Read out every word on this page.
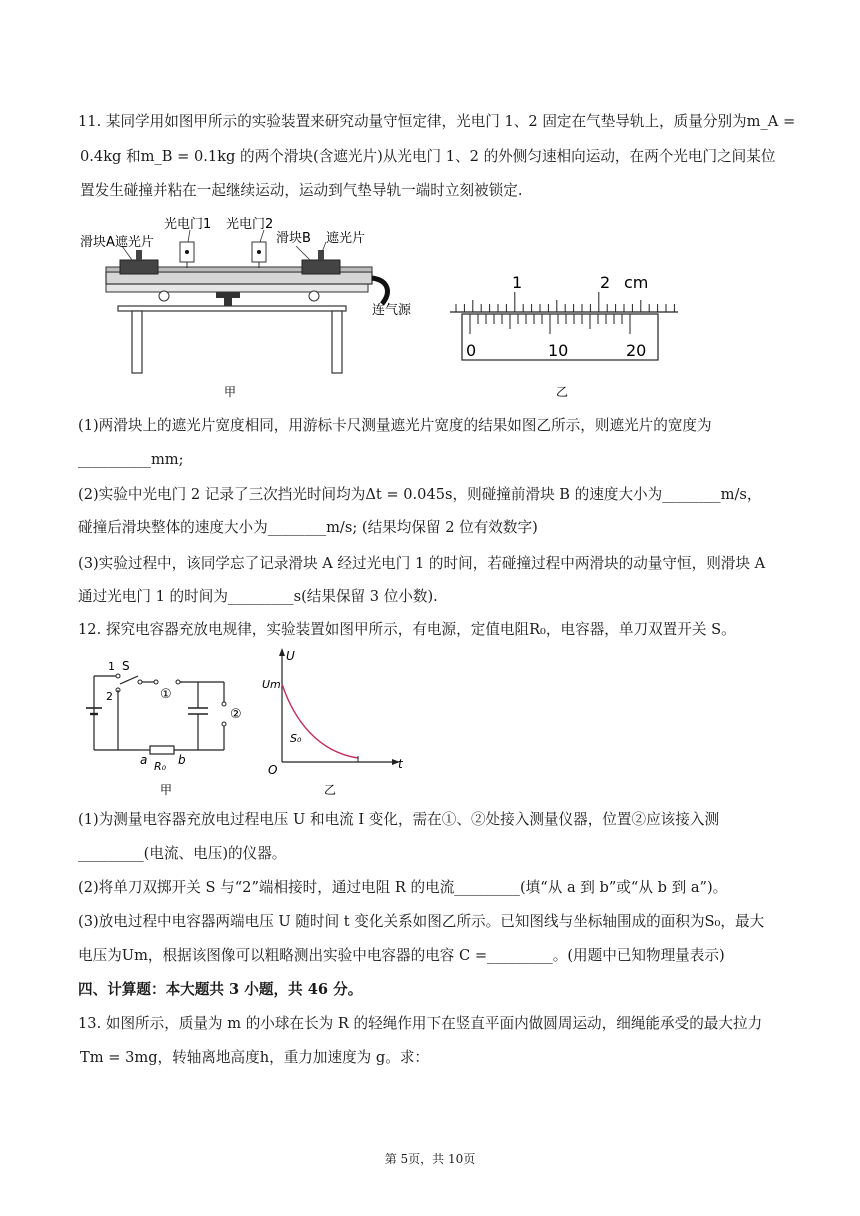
11. 某同学用如图甲所示的实验装置来研究动量守恒定律，光电门 1、2 固定在气垫导轨上，质量分别为m_A =
0.4kg 和m_B = 0.1kg 的两个滑块(含遮光片)从光电门 1、2 的外侧匀速相向运动，在两个光电门之间某位
置发生碰撞并粘在一起继续运动，运动到气垫导轨一端时立刻被锁定.
滑块A遮光片
光电门1 光电门2
滑块B 遮光片
连气源
甲
1	2 cm
0	10	20
乙
(1)两滑块上的遮光片宽度相同，用游标卡尺测量遮光片宽度的结果如图乙所示，则遮光片的宽度为
__________mm;
(2)实验中光电门 2 记录了三次挡光时间均为Δt = 0.045s，则碰撞前滑块 B 的速度大小为________m/s，
碰撞后滑块整体的速度大小为________m/s; (结果均保留 2 位有效数字)
(3)实验过程中，该同学忘了记录滑块 A 经过光电门 1 的时间，若碰撞过程中两滑块的动量守恒，则滑块 A
通过光电门 1 的时间为_________s(结果保留 3 位小数).
12. 探究电容器充放电规律，实验装置如图甲所示，有电源，定值电阻R₀，电容器，单刀双置开关 S。
1 S
2	①
②
a	b
R₀
甲
U
t
O
Um
S₀
乙
(1)为测量电容器充放电过程电压 U 和电流 I 变化，需在①、②处接入测量仪器，位置②应该接入测
_________(电流、电压)的仪器。
(2)将单刀双掷开关 S 与“2”端相接时，通过电阻 R 的电流_________(填“从 a 到 b”或“从 b 到 a”)。
(3)放电过程中电容器两端电压 U 随时间 t 变化关系如图乙所示。已知图线与坐标轴围成的面积为S₀，最大
电压为Um，根据该图像可以粗略测出实验中电容器的电容 C =_________。(用题中已知物理量表示)
四、计算题：本大题共 3 小题，共 46 分。
13. 如图所示，质量为 m 的小球在长为 R 的轻绳作用下在竖直平面内做圆周运动，细绳能承受的最大拉力
Tm = 3mg，转轴离地高度h，重力加速度为 g。求：
第 5页，共 10页
